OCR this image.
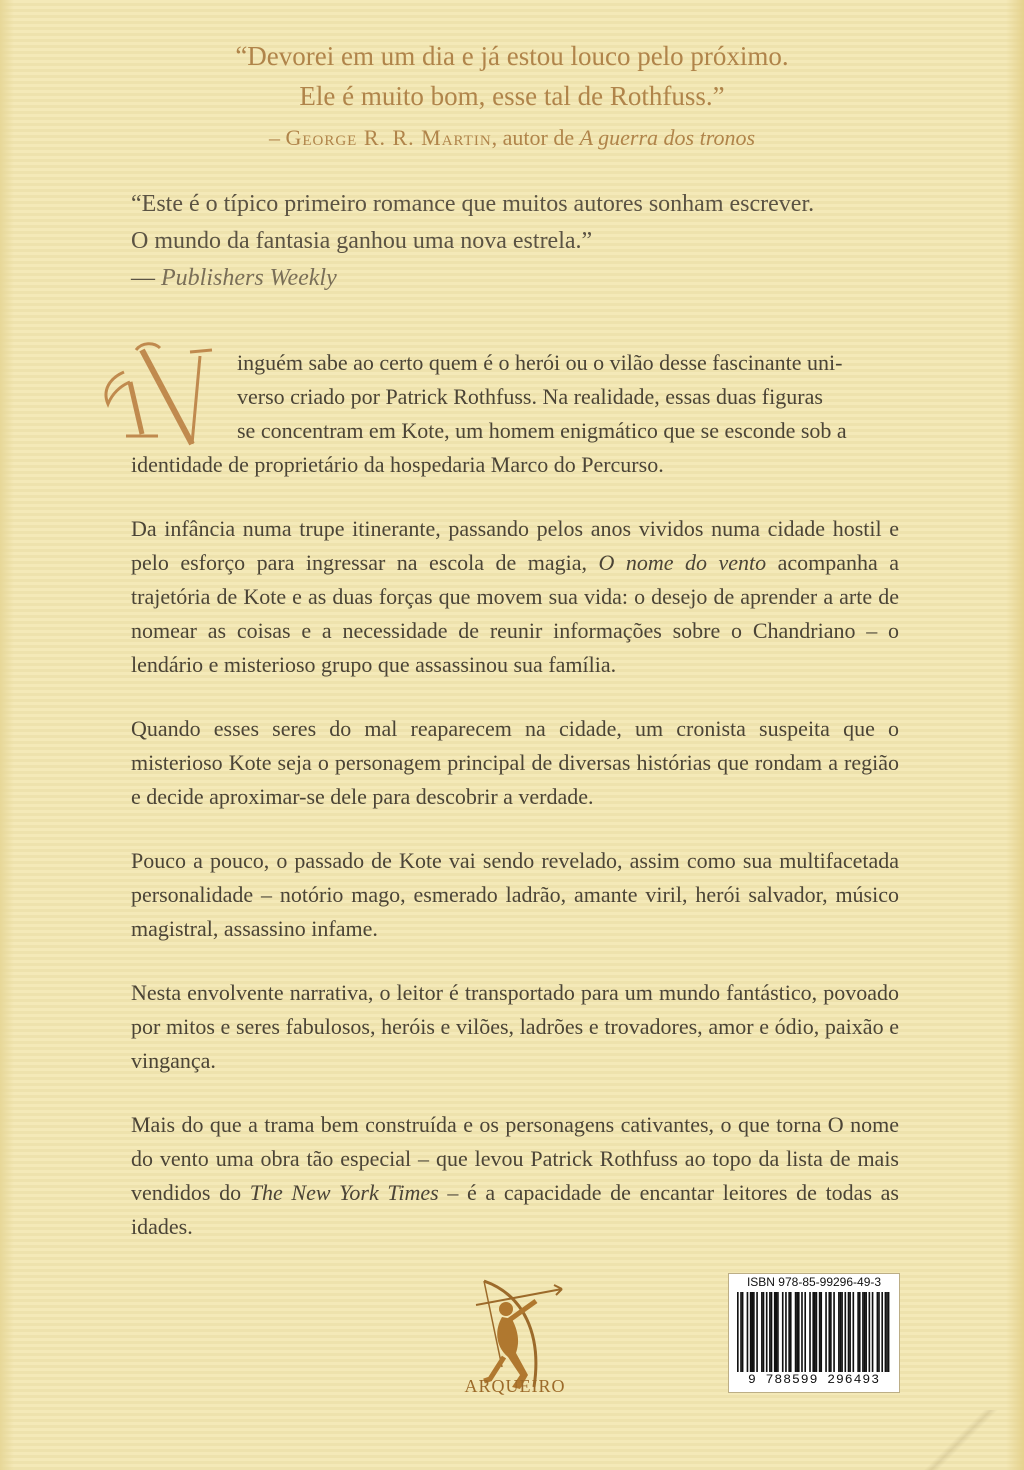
“Devorei em um dia e já estou louco pelo próximo.
Ele é muito bom, esse tal de Rothfuss.”
– George R. R. Martin, autor de A guerra dos tronos
“Este é o típico primeiro romance que muitos autores sonham escrever.
O mundo da fantasia ganhou uma nova estrela.”
— Publishers Weekly

inguém sabe ao certo quem é o herói ou o vilão desse fascinante uni-
verso criado por Patrick Rothfuss. Na realidade, essas duas figuras
se concentram em Kote, um homem enigmático que se esconde sob a
identidade de proprietário da hospedaria Marco do Percurso.

Da infância numa trupe itinerante, passando pelos anos vividos numa cidade hostil e pelo esforço para ingressar na escola de magia, O nome do vento acompanha a trajetória de Kote e as duas forças que movem sua vida: o desejo de aprender a arte de nomear as coisas e a necessidade de reunir informações sobre o Chandriano – o lendário e misterioso grupo que assassinou sua família.

Quando esses seres do mal reaparecem na cidade, um cronista suspeita que o misterioso Kote seja o personagem principal de diversas histórias que rondam a região e decide aproximar-se dele para descobrir a verdade.

Pouco a pouco, o passado de Kote vai sendo revelado, assim como sua multifacetada personalidade – notório mago, esmerado ladrão, amante viril, herói salvador, músico magistral, assassino infame.

Nesta envolvente narrativa, o leitor é transportado para um mundo fantástico, povoado por mitos e seres fabulosos, heróis e vilões, ladrões e trovadores, amor e ódio, paixão e vingança.

Mais do que a trama bem construída e os personagens cativantes, o que torna O nome do vento uma obra tão especial – que levou Patrick Rothfuss ao topo da lista de mais vendidos do The New York Times – é a capacidade de encantar leitores de todas as idades.

ARQUEIRO
ISBN 978-85-99296-49-3
9 788599 296493
